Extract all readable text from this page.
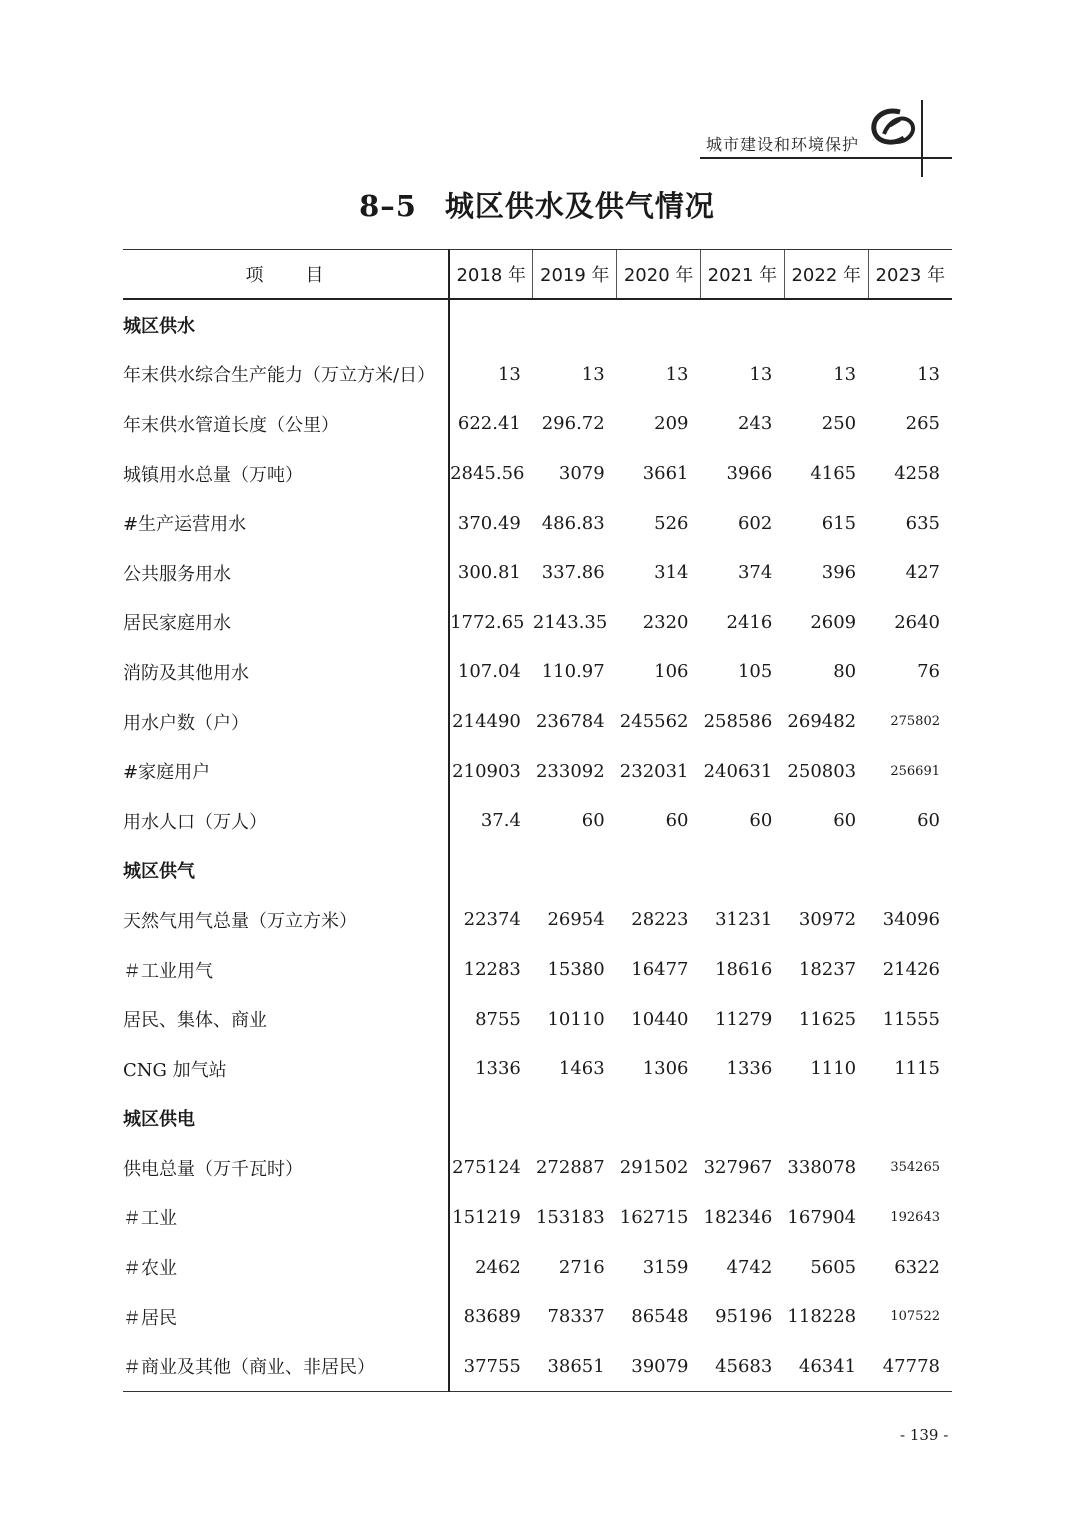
城市建设和环境保护
8–5 城区供水及供气情况
项　　目	2018 年	2019 年	2020 年	2021 年	2022 年	2023 年
城区供水						
年末供水综合生产能力（万立方米/日）	13	13	13	13	13	13
年末供水管道长度（公里）	622.41	296.72	209	243	250	265
城镇用水总量（万吨）	2845.56	3079	3661	3966	4165	4258
#生产运营用水	370.49	486.83	526	602	615	635
公共服务用水	300.81	337.86	314	374	396	427
居民家庭用水	1772.65	2143.35	2320	2416	2609	2640
消防及其他用水	107.04	110.97	106	105	80	76
用水户数（户）	214490	236784	245562	258586	269482	275802
#家庭用户	210903	233092	232031	240631	250803	256691
用水人口（万人）	37.4	60	60	60	60	60
城区供气						
天然气用气总量（万立方米）	22374	26954	28223	31231	30972	34096
＃工业用气	12283	15380	16477	18616	18237	21426
居民、集体、商业	8755	10110	10440	11279	11625	11555
CNG 加气站	1336	1463	1306	1336	1110	1115
城区供电						
供电总量（万千瓦时）	275124	272887	291502	327967	338078	354265
＃工业	151219	153183	162715	182346	167904	192643
＃农业	2462	2716	3159	4742	5605	6322
＃居民	83689	78337	86548	95196	118228	107522
＃商业及其他（商业、非居民）	37755	38651	39079	45683	46341	47778
- 139 -
